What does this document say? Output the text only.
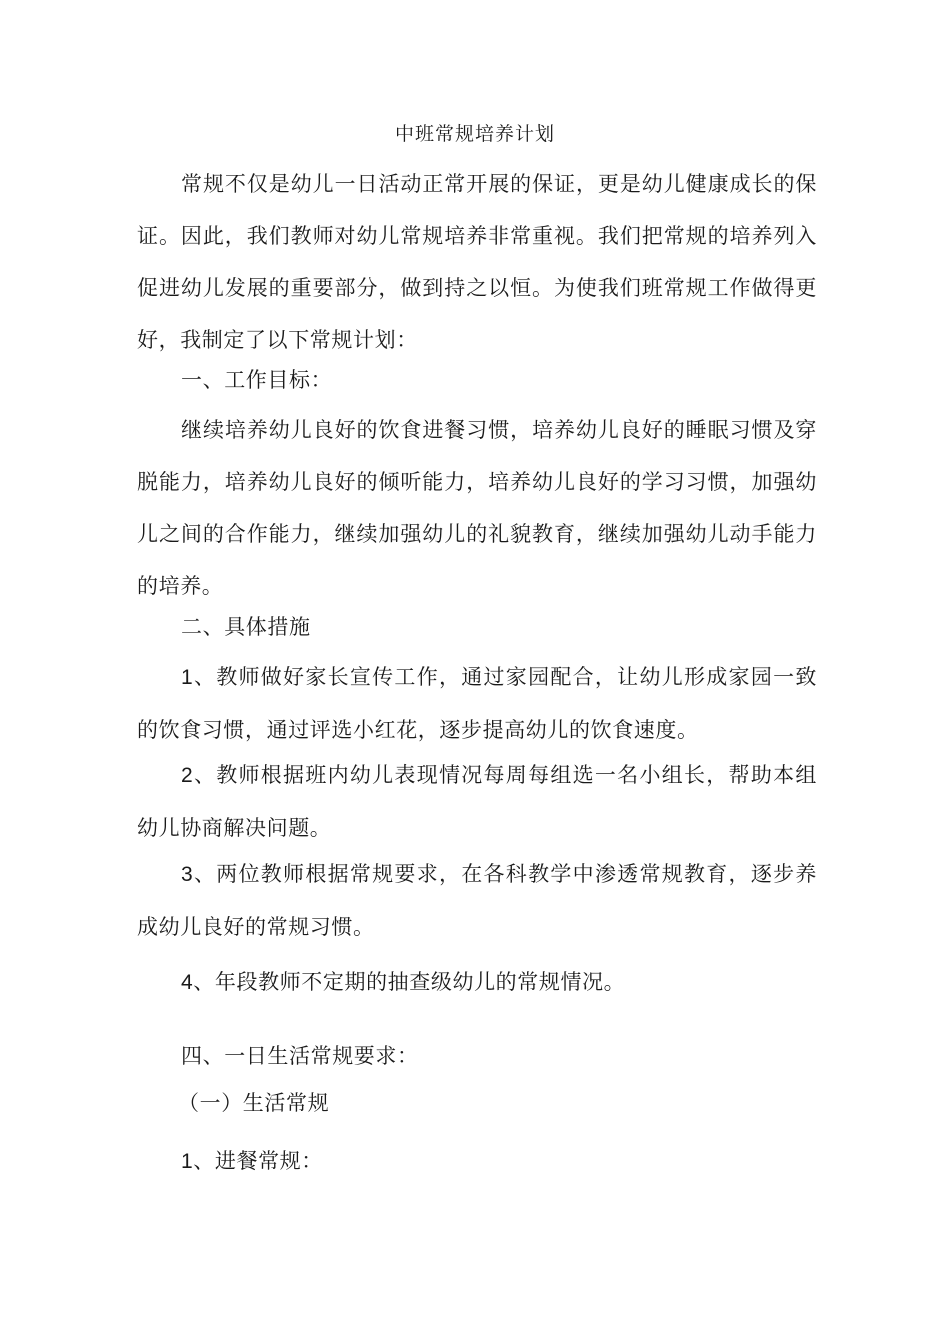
中班常规培养计划
常规不仅是幼儿一日活动正常开展的保证，更是幼儿健康成长的保证。因此，我们教师对幼儿常规培养非常重视。我们把常规的培养列入促进幼儿发展的重要部分，做到持之以恒。为使我们班常规工作做得更好，我制定了以下常规计划：
一、工作目标：
继续培养幼儿良好的饮食进餐习惯，培养幼儿良好的睡眠习惯及穿脱能力，培养幼儿良好的倾听能力，培养幼儿良好的学习习惯，加强幼儿之间的合作能力，继续加强幼儿的礼貌教育，继续加强幼儿动手能力的培养。
二、具体措施
1、教师做好家长宣传工作，通过家园配合，让幼儿形成家园一致的饮食习惯，通过评选小红花，逐步提高幼儿的饮食速度。
2、教师根据班内幼儿表现情况每周每组选一名小组长，帮助本组幼儿协商解决问题。
3、两位教师根据常规要求，在各科教学中渗透常规教育，逐步养成幼儿良好的常规习惯。
4、年段教师不定期的抽查级幼儿的常规情况。
四、一日生活常规要求：
（一）生活常规
1、进餐常规：
